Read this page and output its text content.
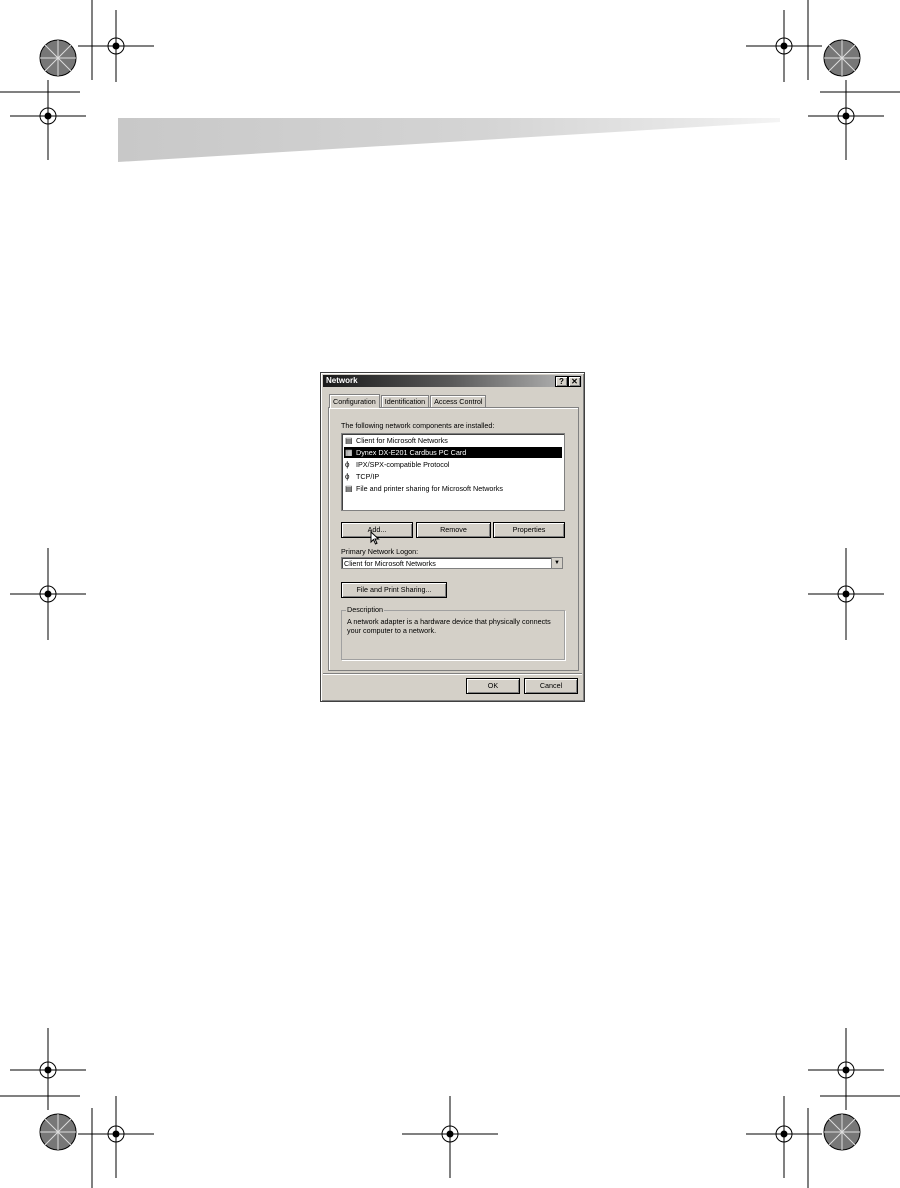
Network	? ✕
Configuration	Identification	Access Control
The following network components are installed:
▤ Client for Microsoft Networks
▦ Dynex DX-E201 Cardbus PC Card
ϕ IPX/SPX-compatible Protocol
ϕ TCP/IP
▤ File and printer sharing for Microsoft Networks
Add...	Remove	Properties
Primary Network Logon:
Client for Microsoft Networks	▼
File and Print Sharing...
Description
A network adapter is a hardware device that physically connects your computer to a network.
OK	Cancel
